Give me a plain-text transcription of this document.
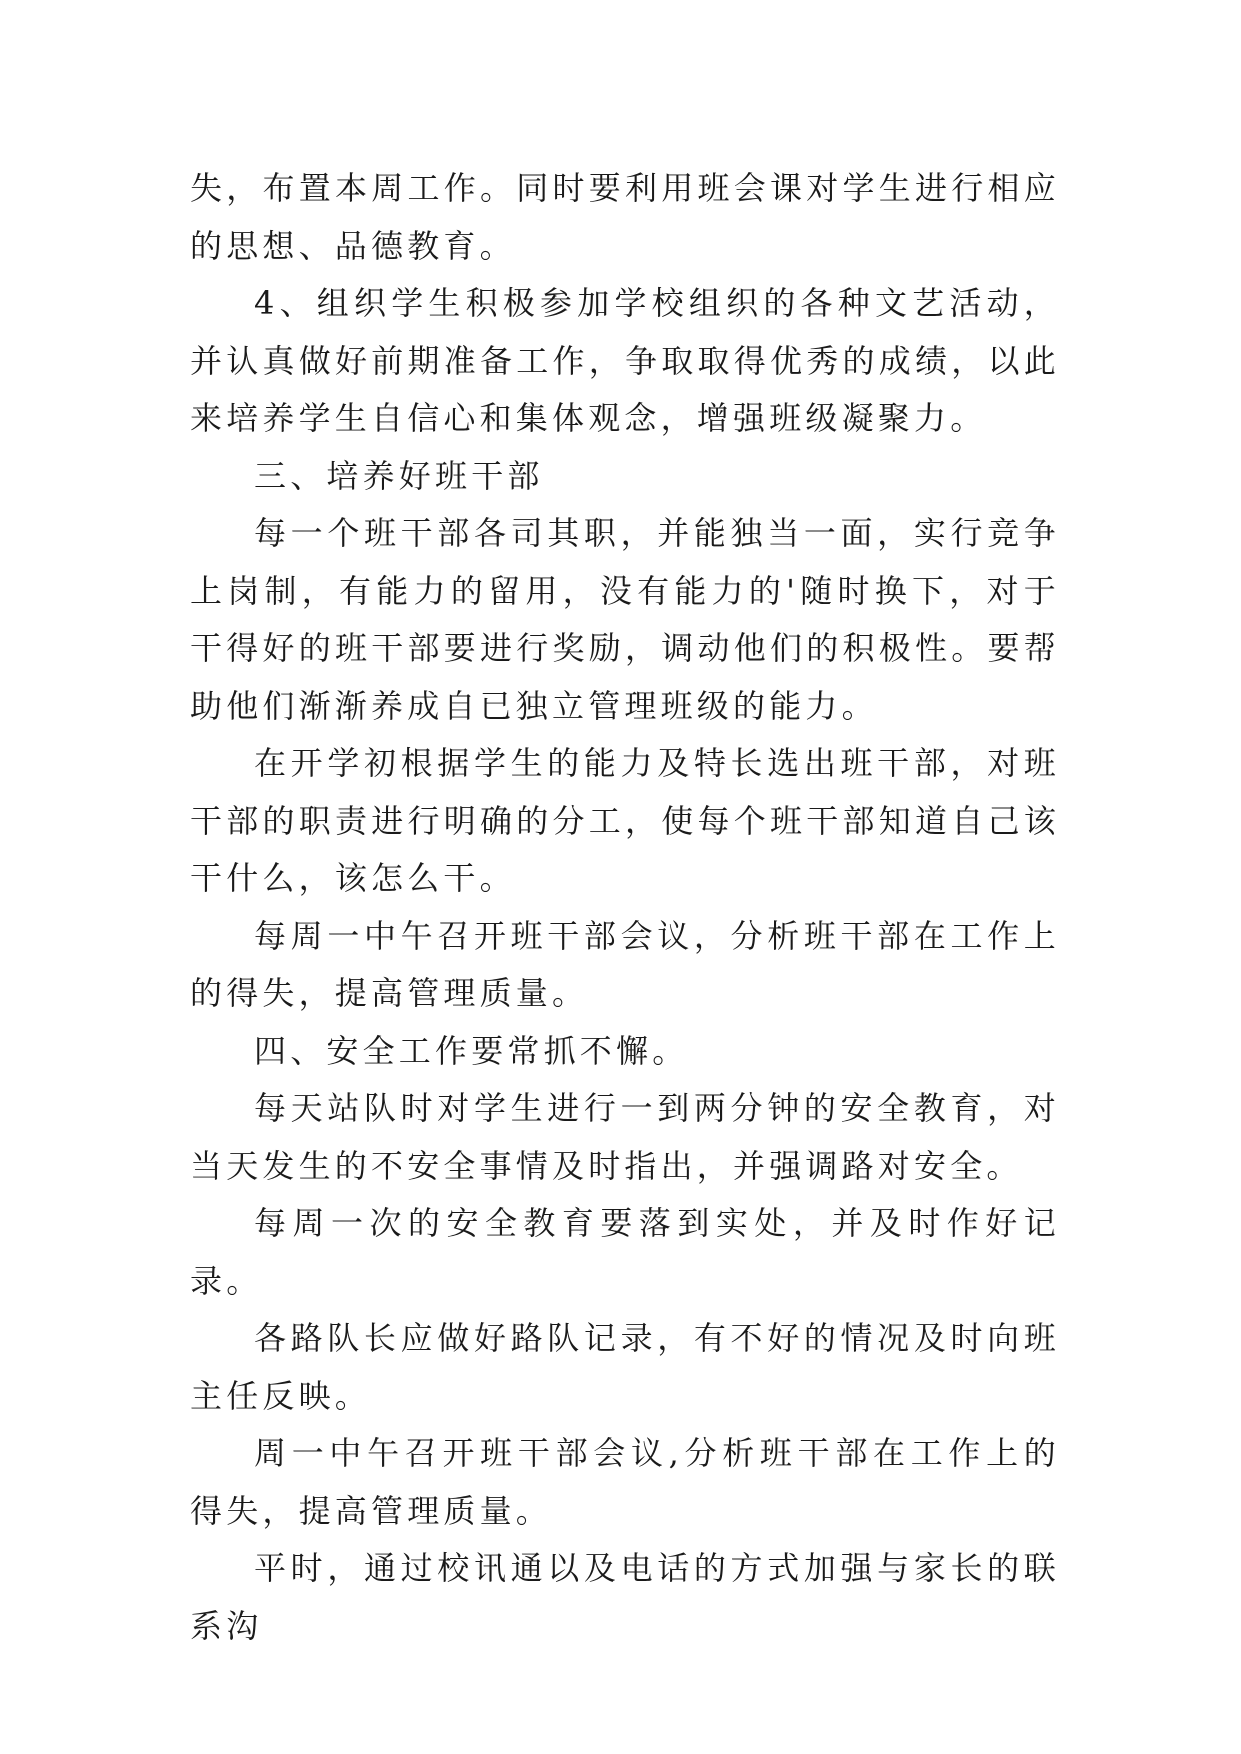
失，布置本周工作。同时要利用班会课对学生进行相应的思想、品德教育。

4、组织学生积极参加学校组织的各种文艺活动，并认真做好前期准备工作，争取取得优秀的成绩，以此来培养学生自信心和集体观念，增强班级凝聚力。

三、培养好班干部

每一个班干部各司其职，并能独当一面，实行竞争上岗制，有能力的留用，没有能力的'随时换下，对于干得好的班干部要进行奖励，调动他们的积极性。要帮助他们渐渐养成自已独立管理班级的能力。

在开学初根据学生的能力及特长选出班干部，对班干部的职责进行明确的分工，使每个班干部知道自己该干什么，该怎么干。

每周一中午召开班干部会议，分析班干部在工作上的得失，提高管理质量。

四、安全工作要常抓不懈。

每天站队时对学生进行一到两分钟的安全教育，对当天发生的不安全事情及时指出，并强调路对安全。

每周一次的安全教育要落到实处，并及时作好记录。

各路队长应做好路队记录，有不好的情况及时向班主任反映。

周一中午召开班干部会议,分析班干部在工作上的得失，提高管理质量。

平时，通过校讯通以及电话的方式加强与家长的联系沟
